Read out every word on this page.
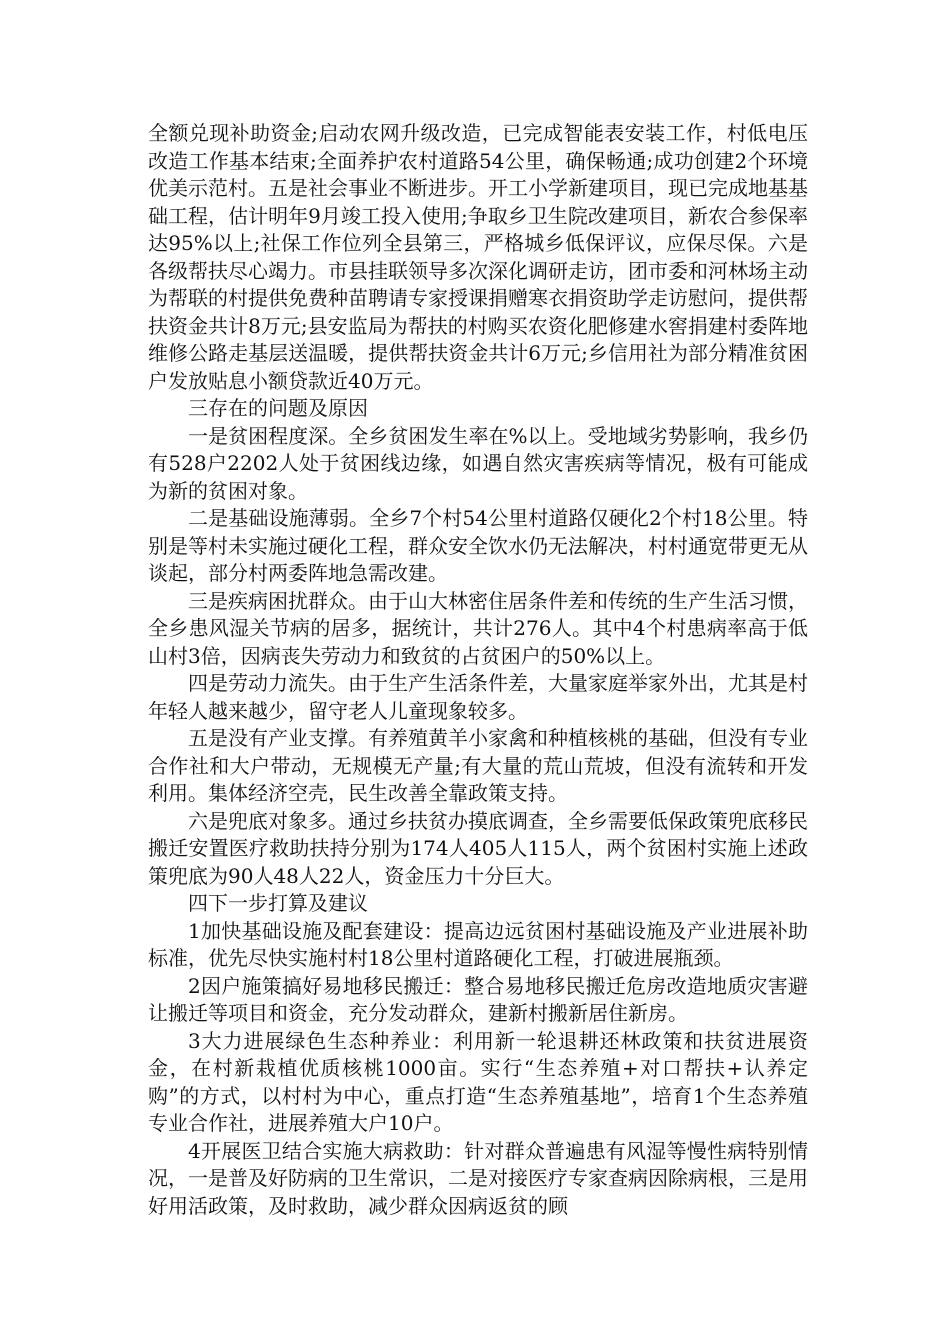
全额兑现补助资金;启动农网升级改造，已完成智能表安装工作，村低电压改造工作基本结束;全面养护农村道路54公里，确保畅通;成功创建2个环境优美示范村。五是社会事业不断进步。开工小学新建项目，现已完成地基基础工程，估计明年9月竣工投入使用;争取乡卫生院改建项目，新农合参保率达95%以上;社保工作位列全县第三，严格城乡低保评议，应保尽保。六是各级帮扶尽心竭力。市县挂联领导多次深化调研走访，团市委和河林场主动为帮联的村提供免费种苗聘请专家授课捐赠寒衣捐资助学走访慰问，提供帮扶资金共计8万元;县安监局为帮扶的村购买农资化肥修建水窖捐建村委阵地维修公路走基层送温暖，提供帮扶资金共计6万元;乡信用社为部分精准贫困户发放贴息小额贷款近40万元。

三存在的问题及原因

一是贫困程度深。全乡贫困发生率在%以上。受地域劣势影响，我乡仍有528户2202人处于贫困线边缘，如遇自然灾害疾病等情况，极有可能成为新的贫困对象。

二是基础设施薄弱。全乡7个村54公里村道路仅硬化2个村18公里。特别是等村未实施过硬化工程，群众安全饮水仍无法解决，村村通宽带更无从谈起，部分村两委阵地急需改建。

三是疾病困扰群众。由于山大林密住居条件差和传统的生产生活习惯，全乡患风湿关节病的居多，据统计，共计276人。其中4个村患病率高于低山村3倍，因病丧失劳动力和致贫的占贫困户的50%以上。

四是劳动力流失。由于生产生活条件差，大量家庭举家外出，尤其是村年轻人越来越少，留守老人儿童现象较多。

五是没有产业支撑。有养殖黄羊小家禽和种植核桃的基础，但没有专业合作社和大户带动，无规模无产量;有大量的荒山荒坡，但没有流转和开发利用。集体经济空壳，民生改善全靠政策支持。

六是兜底对象多。通过乡扶贫办摸底调查，全乡需要低保政策兜底移民搬迁安置医疗救助扶持分别为174人405人115人，两个贫困村实施上述政策兜底为90人48人22人，资金压力十分巨大。

四下一步打算及建议

1加快基础设施及配套建设：提高边远贫困村基础设施及产业进展补助标准，优先尽快实施村村18公里村道路硬化工程，打破进展瓶颈。

2因户施策搞好易地移民搬迁：整合易地移民搬迁危房改造地质灾害避让搬迁等项目和资金，充分发动群众，建新村搬新居住新房。

3大力进展绿色生态种养业：利用新一轮退耕还林政策和扶贫进展资金，在村新栽植优质核桃1000亩。实行“生态养殖+对口帮扶+认养定购”的方式，以村村为中心，重点打造“生态养殖基地”，培育1个生态养殖专业合作社，进展养殖大户10户。

4开展医卫结合实施大病救助：针对群众普遍患有风湿等慢性病特别情况，一是普及好防病的卫生常识，二是对接医疗专家查病因除病根，三是用好用活政策，及时救助，减少群众因病返贫的顾
